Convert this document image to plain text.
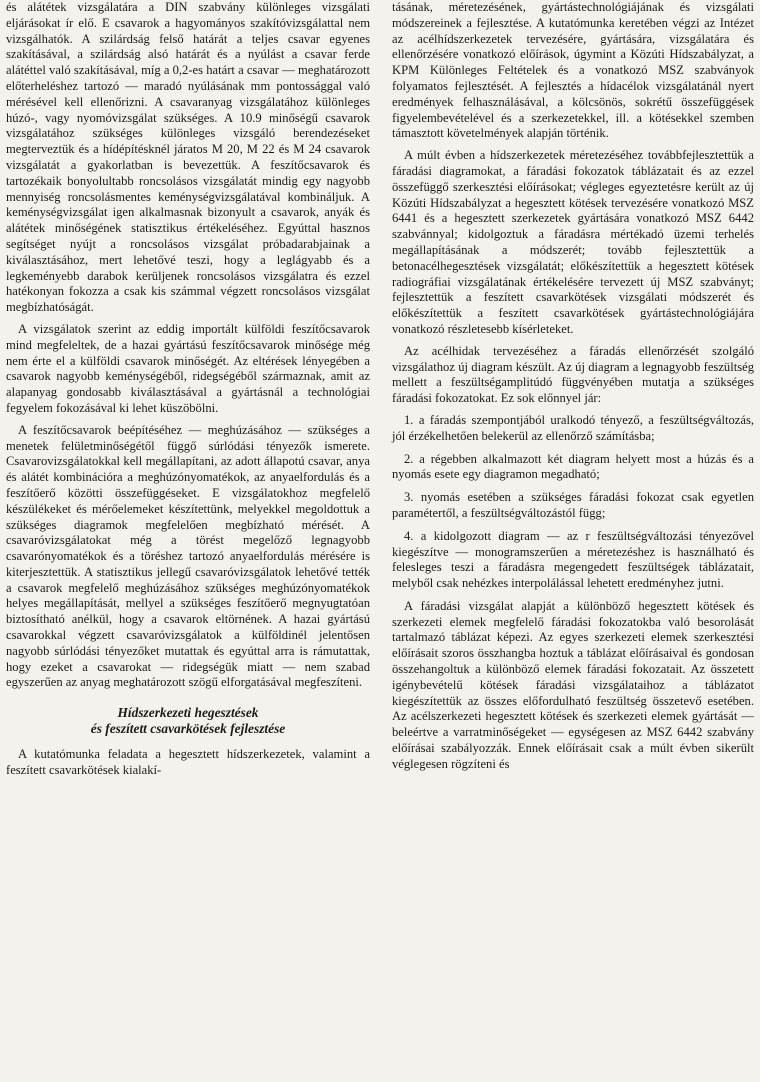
és alátétek vizsgálatára a DIN szabvány különleges vizsgálati eljárásokat ír elő. E csavarok a hagyományos szakítóvizsgálattal nem vizsgálhatók. A szilárdság felső határát a teljes csavar egyenes szakításával, a szilárdság alsó határát és a nyúlást a csavar ferde alátéttel való szakításával, míg a 0,2-es határt a csavar — meghatározott előterheléshez tartozó — maradó nyúlásának mm pontossággal való mérésével kell ellenőrizni. A csavaranyag vizsgálatához különleges húzó-, vagy nyomóvizsgálat szükséges. A 10.9 minőségű csavarok vizsgálatához szükséges különleges vizsgáló berendezéseket megterveztük és a hídépítésknél járatos M 20, M 22 és M 24 csavarok vizsgálatát a gyakorlatban is bevezettük. A feszítőcsavarok és tartozékaik bonyolultabb roncsolásos vizsgálatát mindig egy nagyobb mennyiség roncsolásmentes keménységvizsgálatával kombináljuk. A keménységvizsgálat igen alkalmasnak bizonyult a csavarok, anyák és alátétek minőségének statisztikus értékeléséhez. Egyúttal hasznos segítséget nyújt a roncsolásos vizsgálat próbadarabjainak a kiválasztásához, mert lehetővé teszi, hogy a leglágyabb és a legkeményebb darabok kerüljenek roncsolásos vizsgálatra és ezzel hatékonyan fokozza a csak kis számmal végzett roncsolásos vizsgálat megbízhatóságát.

A vizsgálatok szerint az eddig importált külföldi feszítőcsavarok mind megfeleltek, de a hazai gyártású feszítőcsavarok minősége még nem érte el a külföldi csavarok minőségét. Az eltérések lényegében a csavarok nagyobb keménységéből, ridegségéből származnak, amit az alapanyag gondosabb kiválasztásával a gyártásnál a technológiai fegyelem fokozásával ki lehet küszöbölni.

A feszítőcsavarok beépítéséhez — meghúzásához — szükséges a menetek felületminőségétől függő súrlódási tényezők ismerete. Csavarovizsgálatokkal kell megállapítani, az adott állapotú csavar, anya és alátét kombinációra a meghúzónyomatékok, az anyaelfordulás és a feszítőerő közötti összefüggéseket. E vizsgálatokhoz megfelelő készülékeket és mérőelemeket készítettünk, melyekkel megoldottuk a szükséges diagramok megfelelően megbízható mérését. A csavaróvizsgálatokat még a törést megelőző legnagyobb csavarónyomatékok és a töréshez tartozó anyaelfordulás mérésére is kiterjesztettük. A statisztikus jellegű csavaróvizsgálatok lehetővé tették a csavarok megfelelő meghúzásához szükséges meghúzónyomatékok helyes megállapítását, mellyel a szükséges feszítőerő megnyugtatóan biztosítható anélkül, hogy a csavarok eltörnének. A hazai gyártású csavarokkal végzett csavaróvizsgálatok a külföldinél jelentősen nagyobb súrlódási tényezőket mutattak és egyúttal arra is rámutattak, hogy ezeket a csavarokat — ridegségük miatt — nem szabad egyszerűen az anyag meghatározott szögű elforgatásával megfeszíteni.

Hídszerkezeti hegesztések
és feszített csavarkötések fejlesztése

A kutatómunka feladata a hegesztett hídszerkezetek, valamint a feszített csavarkötések kialakí-

tásának, méretezésének, gyártástechnológiájának és vizsgálati módszereinek a fejlesztése. A kutatómunka keretében végzi az Intézet az acélhídszerkezetek tervezésére, gyártására, vizsgálatára és ellenőrzésére vonatkozó előírások, úgymint a Közúti Hídszabályzat, a KPM Különleges Feltételek és a vonatkozó MSZ szabványok folyamatos fejlesztését. A fejlesztés a hídacélok vizsgálatánál nyert eredmények felhasználásával, a kölcsönös, sokrétű összefüggések figyelembevételével és a szerkezetekkel, ill. a kötésekkel szemben támasztott követelmények alapján történik.

A múlt évben a hídszerkezetek méretezéséhez továbbfejlesztettük a fáradási diagramokat, a fáradási fokozatok táblázatait és az ezzel összefüggő szerkesztési előírásokat; végleges egyeztetésre került az új Közúti Hídszabályzat a hegesztett kötések tervezésére vonatkozó MSZ 6441 és a hegesztett szerkezetek gyártására vonatkozó MSZ 6442 szabvánnyal; kidolgoztuk a fáradásra mértékadó üzemi terhelés megállapításának a módszerét; tovább fejlesztettük a betonacélhegesztések vizsgálatát; előkészítettük a hegesztett kötések radiográfiai vizsgálatának értékelésére tervezett új MSZ szabványt; fejlesztettük a feszített csavarkötések vizsgálati módszerét és előkészítettük a feszített csavarkötések gyártástechnológiájára vonatkozó részletesebb kísérleteket.

Az acélhidak tervezéséhez a fáradás ellenőrzését szolgáló vizsgálathoz új diagram készült. Az új diagram a legnagyobb feszültség mellett a feszültségamplitúdó függvényében mutatja a szükséges fáradási fokozatokat. Ez sok előnnyel jár:

1. a fáradás szempontjából uralkodó tényező, a feszültségváltozás, jól érzékelhetően belekerül az ellenőrző számításba;

2. a régebben alkalmazott két diagram helyett most a húzás és a nyomás esete egy diagramon megadható;

3. nyomás esetében a szükséges fáradási fokozat csak egyetlen paramétertől, a feszültségváltozástól függ;

4. a kidolgozott diagram — az r feszültségváltozási tényezővel kiegészítve — monogramszerűen a méretezéshez is használható és felesleges teszi a fáradásra megengedett feszültségek táblázatait, melyből csak nehézkes interpolálással lehetett eredményhez jutni.

A fáradási vizsgálat alapját a különböző hegesztett kötések és szerkezeti elemek megfelelő fáradási fokozatokba való besorolását tartalmazó táblázat képezi. Az egyes szerkezeti elemek szerkesztési előírásait szoros összhangba hoztuk a táblázat előírásaival és gondosan összehangoltuk a különböző elemek fáradási fokozatait. Az összetett igénybevételű kötések fáradási vizsgálataihoz a táblázatot kiegészítettük az összes előfordulható feszültség összetevő esetében. Az acélszerkezeti hegesztett kötések és szerkezeti elemek gyártását — beleértve a varratminőségeket — egységesen az MSZ 6442 szabvány előírásai szabályozzák. Ennek előírásait csak a múlt évben sikerült véglegesen rögzíteni és
